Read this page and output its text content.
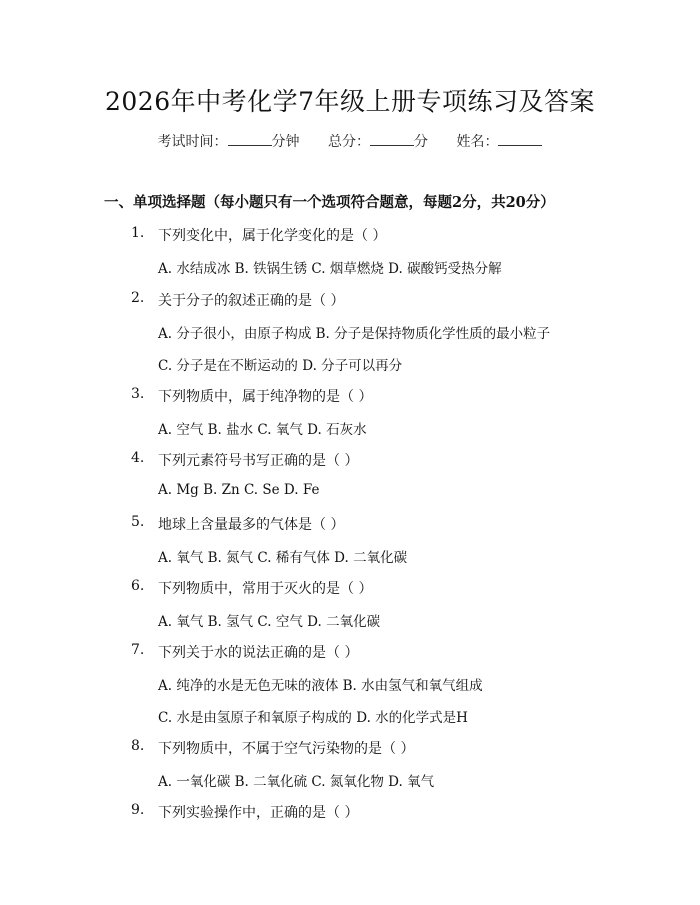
2026年中考化学7年级上册专项练习及答案
考试时间：	分钟 总分：	分 姓名：
一、单项选择题（每小题只有一个选项符合题意，每题2分，共20分）
1. 下列变化中，属于化学变化的是（ ）
A. 水结成冰 B. 铁锅生锈 C. 烟草燃烧 D. 碳酸钙受热分解
2. 关于分子的叙述正确的是（ ）
A. 分子很小，由原子构成 B. 分子是保持物质化学性质的最小粒子
C. 分子是在不断运动的 D. 分子可以再分
3. 下列物质中，属于纯净物的是（ ）
A. 空气 B. 盐水 C. 氧气 D. 石灰水
4. 下列元素符号书写正确的是（ ）
A. Mg B. Zn C. Se D. Fe
5. 地球上含量最多的气体是（ ）
A. 氧气 B. 氮气 C. 稀有气体 D. 二氧化碳
6. 下列物质中，常用于灭火的是（ ）
A. 氧气 B. 氢气 C. 空气 D. 二氧化碳
7. 下列关于水的说法正确的是（ ）
A. 纯净的水是无色无味的液体 B. 水由氢气和氧气组成
C. 水是由氢原子和氧原子构成的 D. 水的化学式是H
8. 下列物质中，不属于空气污染物的是（ ）
A. 一氧化碳 B. 二氧化硫 C. 氮氧化物 D. 氧气
9. 下列实验操作中，正确的是（ ）
